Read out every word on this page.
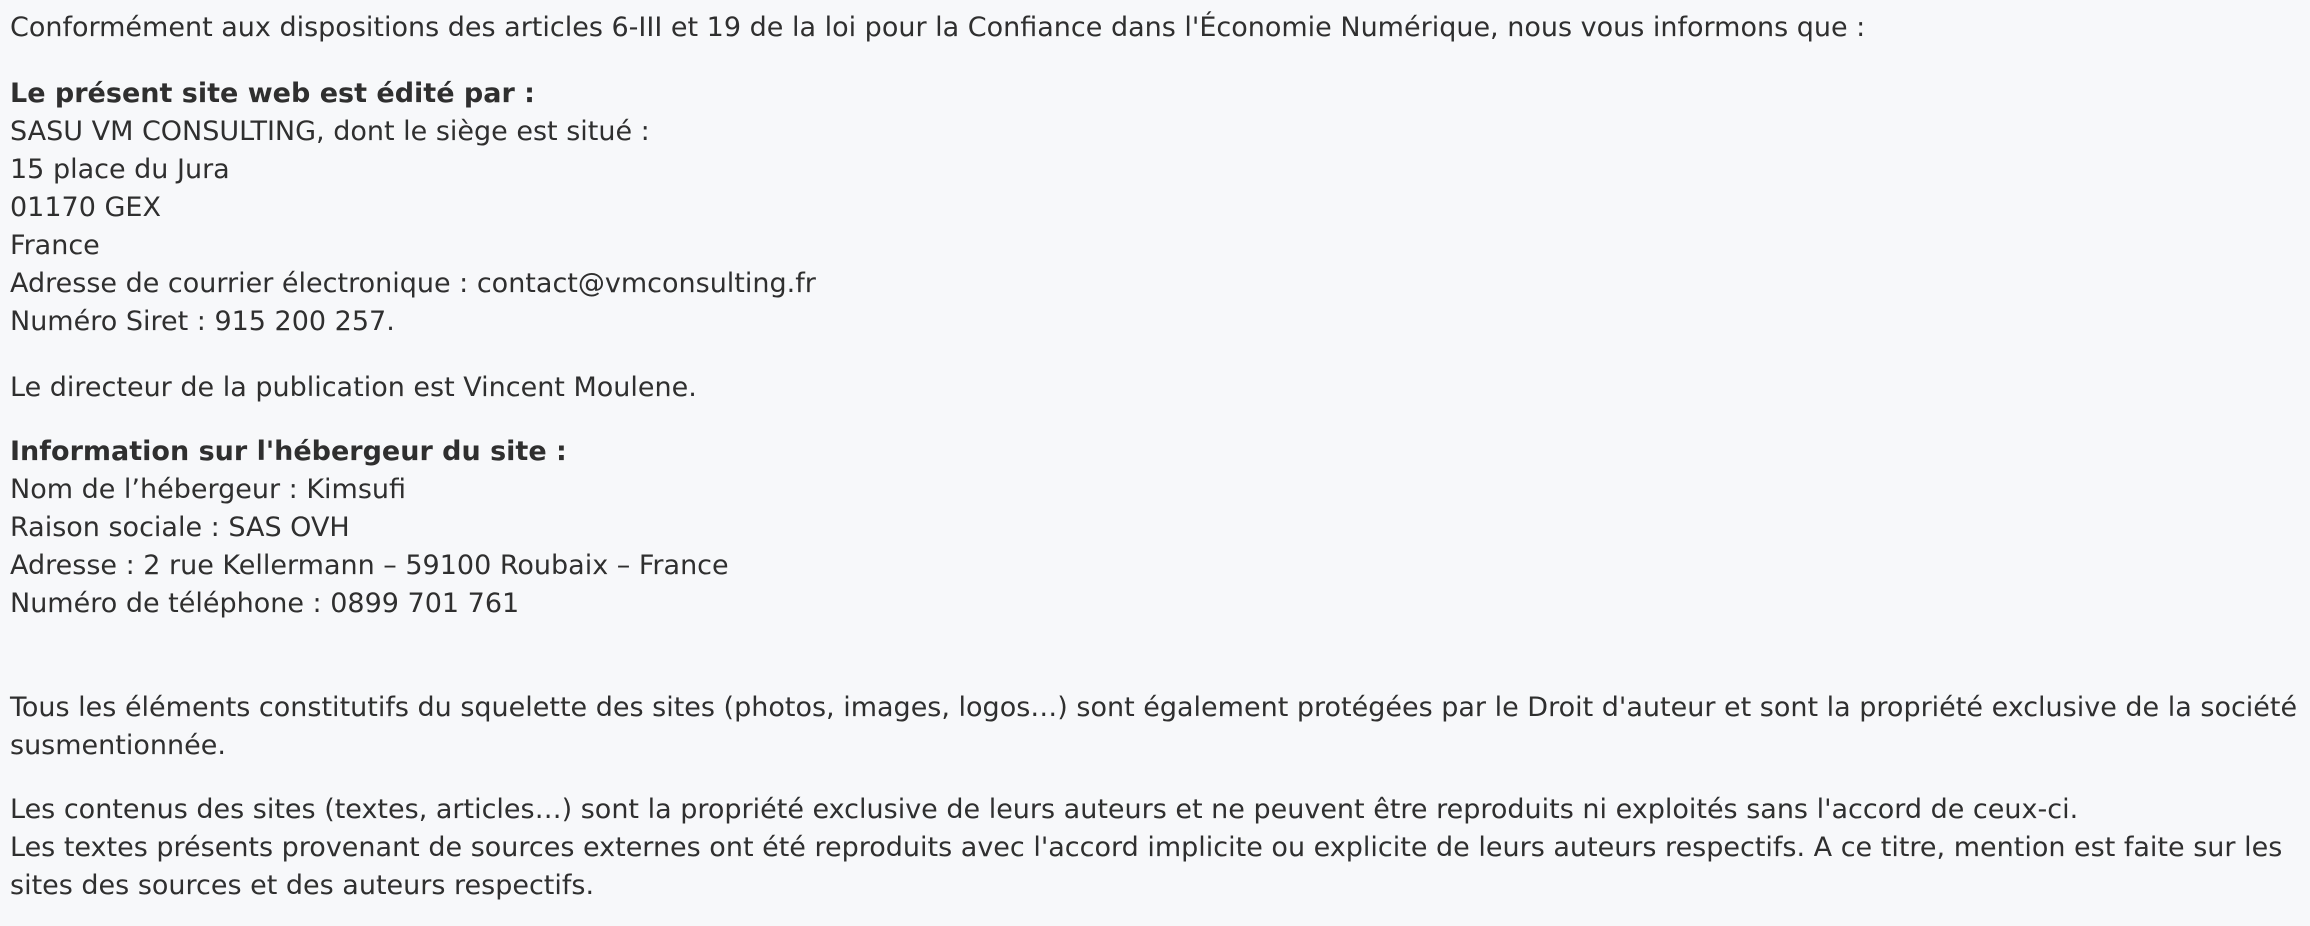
Conformément aux dispositions des articles 6-III et 19 de la loi pour la Confiance dans l'Économie Numérique, nous vous informons que :

Le présent site web est édité par :
SASU VM CONSULTING, dont le siège est situé :
15 place du Jura
01170 GEX
France
Adresse de courrier électronique : contact@vmconsulting.fr
Numéro Siret : 915 200 257.

Le directeur de la publication est Vincent Moulene.

Information sur l'hébergeur du site :
Nom de l’hébergeur : Kimsufi
Raison sociale : SAS OVH
Adresse : 2 rue Kellermann – 59100 Roubaix – France
Numéro de téléphone : 0899 701 761

Tous les éléments constitutifs du squelette des sites (photos, images, logos…) sont également protégées par le Droit d'auteur et sont la propriété exclusive de la société susmentionnée.

Les contenus des sites (textes, articles…) sont la propriété exclusive de leurs auteurs et ne peuvent être reproduits ni exploités sans l'accord de ceux-ci.
Les textes présents provenant de sources externes ont été reproduits avec l'accord implicite ou explicite de leurs auteurs respectifs. A ce titre, mention est faite sur les sites des sources et des auteurs respectifs.
